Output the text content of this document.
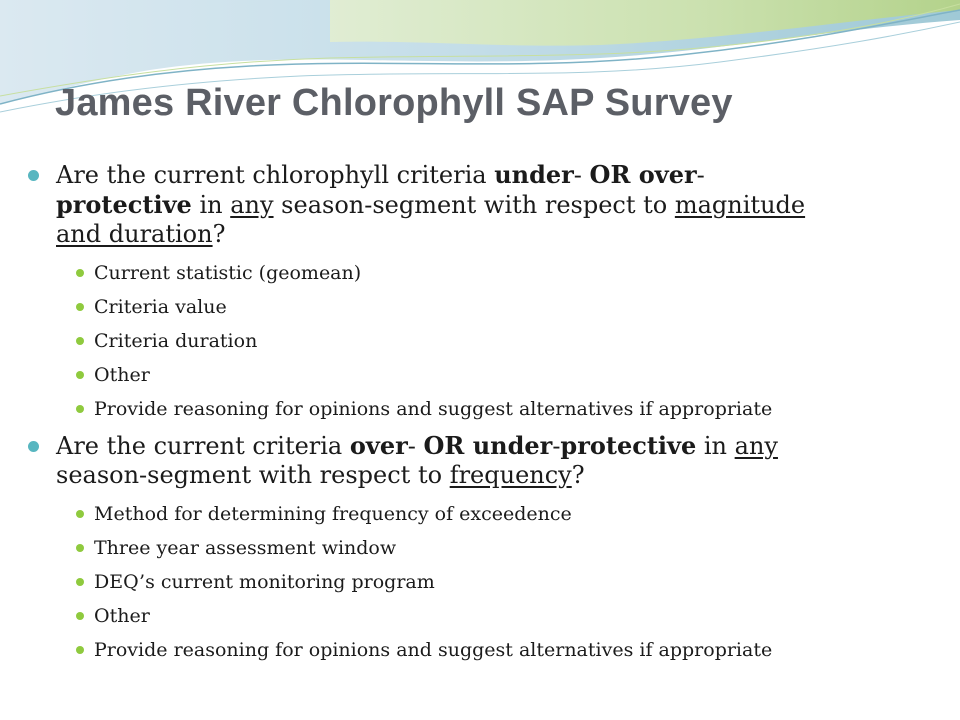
James River Chlorophyll SAP Survey
Are the current chlorophyll criteria under- OR over-
protective in any season-segment with respect to magnitude
and duration?
Current statistic (geomean)
Criteria value
Criteria duration
Other
Provide reasoning for opinions and suggest alternatives if appropriate
Are the current criteria over- OR under-protective in any
season-segment with respect to frequency?
Method for determining frequency of exceedence
Three year assessment window
DEQ’s current monitoring program
Other
Provide reasoning for opinions and suggest alternatives if appropriate
